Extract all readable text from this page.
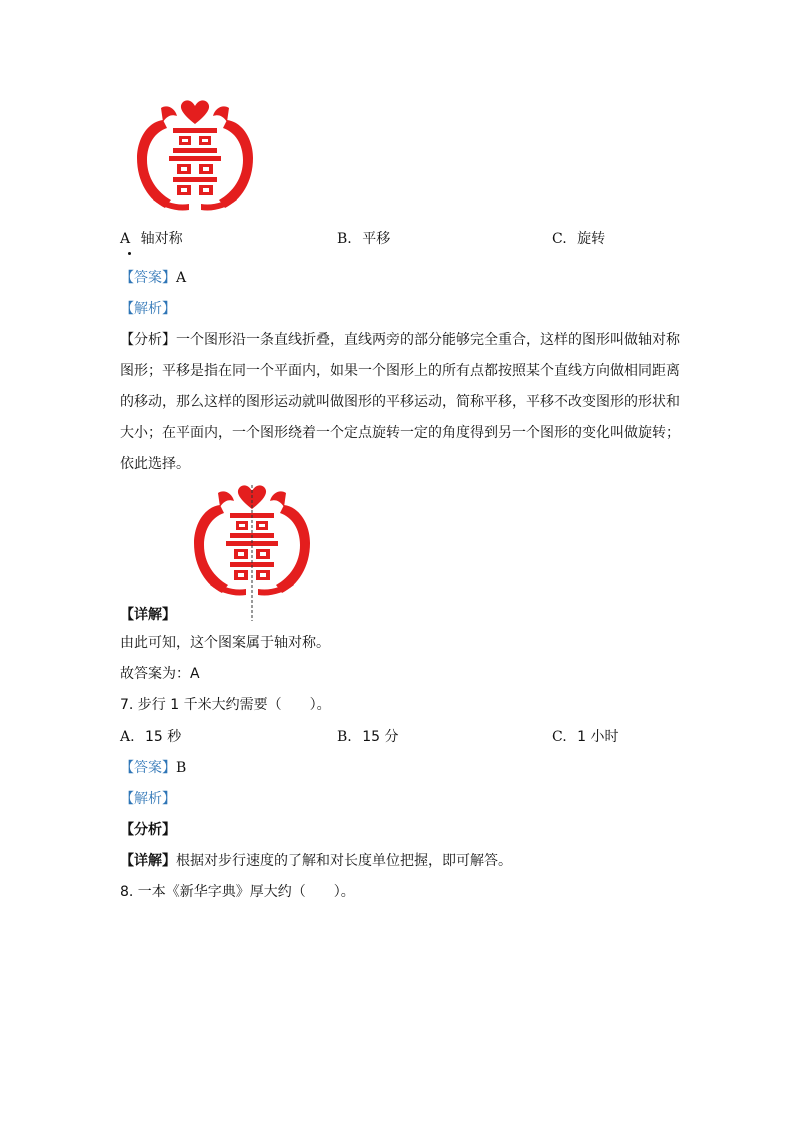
A 轴对称	B. 平移	C. 旋转
【答案】A
【解析】
【分析】一个图形沿一条直线折叠，直线两旁的部分能够完全重合，这样的图形叫做轴对称图形；平移是指在同一个平面内，如果一个图形上的所有点都按照某个直线方向做相同距离的移动，那么这样的图形运动就叫做图形的平移运动，简称平移，平移不改变图形的形状和大小；在平面内，一个图形绕着一个定点旋转一定的角度得到另一个图形的变化叫做旋转；依此选择。
【详解】
由此可知，这个图案属于轴对称。
故答案为：A
7. 步行 1 千米大约需要（　　）。
A. 15 秒	B. 15 分	C. 1 小时
【答案】B
【解析】
【分析】
【详解】根据对步行速度的了解和对长度单位把握，即可解答。
8. 一本《新华字典》厚大约（　　）。
